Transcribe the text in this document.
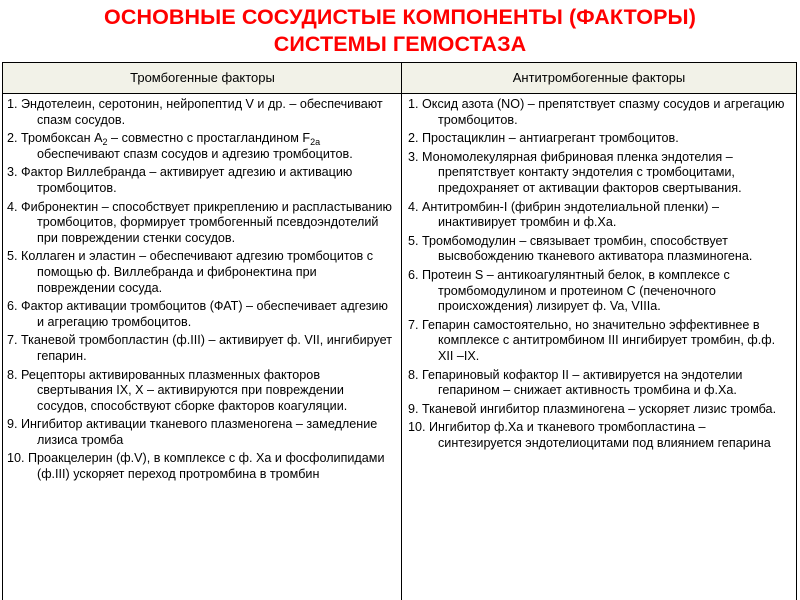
ОСНОВНЫЕ СОСУДИСТЫЕ КОМПОНЕНТЫ (ФАКТОРЫ)
СИСТЕМЫ ГЕМОСТАЗА
Тромбогенные факторы	Антитромбогенные факторы
1. Эндотелеин, серотонин, нейропептид V и др. – обеспечивают спазм сосудов.
2. Тромбоксан $А_2$ – совместно с простагландином $F_{2a}$ обеспечивают спазм сосудов и адгезию тромбоцитов.
3. Фактор Виллебранда – активирует адгезию и активацию тромбоцитов.
4. Фибронектин – способствует прикреплению и распластыванию тромбоцитов, формирует тромбогенный псевдоэндотелий при повреждении стенки сосудов.
5. Коллаген и эластин – обеспечивают адгезию тромбоцитов с помощью ф. Виллебранда и фибронектина при повреждении сосуда.
6. Фактор активации тромбоцитов (ФАТ) – обеспечивает адгезию и агрегацию тромбоцитов.
7. Тканевой тромбопластин (ф.III) – активирует ф. VII, ингибирует гепарин.
8. Рецепторы активированных плазменных факторов свертывания IX, X – активируются при повреждении сосудов, способствуют сборке факторов коагуляции.
9. Ингибитор активации тканевого плазменогена – замедление лизиса тромба
10. Проакцелерин (ф.V), в комплексе с ф. Ха и фосфолипидами (ф.III) ускоряет переход протромбина в тромбин
1. Оксид азота (NO) – препятствует спазму сосудов и агрегацию тромбоцитов.
2. Простациклин – антиагрегант тромбоцитов.
3. Мономолекулярная фибриновая пленка эндотелия – препятствует контакту эндотелия с тромбоцитами, предохраняет от активации факторов свертывания.
4. Антитромбин-I (фибрин эндотелиальной пленки) – инактивирует тромбин и ф.Ха.
5. Тромбомодулин – связывает тромбин, способствует высвобождению тканевого активатора плазминогена.
6. Протеин S – антикоагулянтный белок, в комплексе с тромбомодулином и протеином С (печеночного происхождения) лизирует ф. Va, VIIIa.
7. Гепарин самостоятельно, но значительно эффективнее в комплексе с антитромбином III ингибирует тромбин, ф.ф. XII –IX.
8. Гепариновый кофактор II – активируется на эндотелии гепарином – снижает активность тромбина и ф.Ха.
9. Тканевой ингибитор плазминогена – ускоряет лизис тромба.
10. Ингибитор ф.Ха и тканевого тромбопластина – синтезируется эндотелиоцитами под влиянием гепарина
